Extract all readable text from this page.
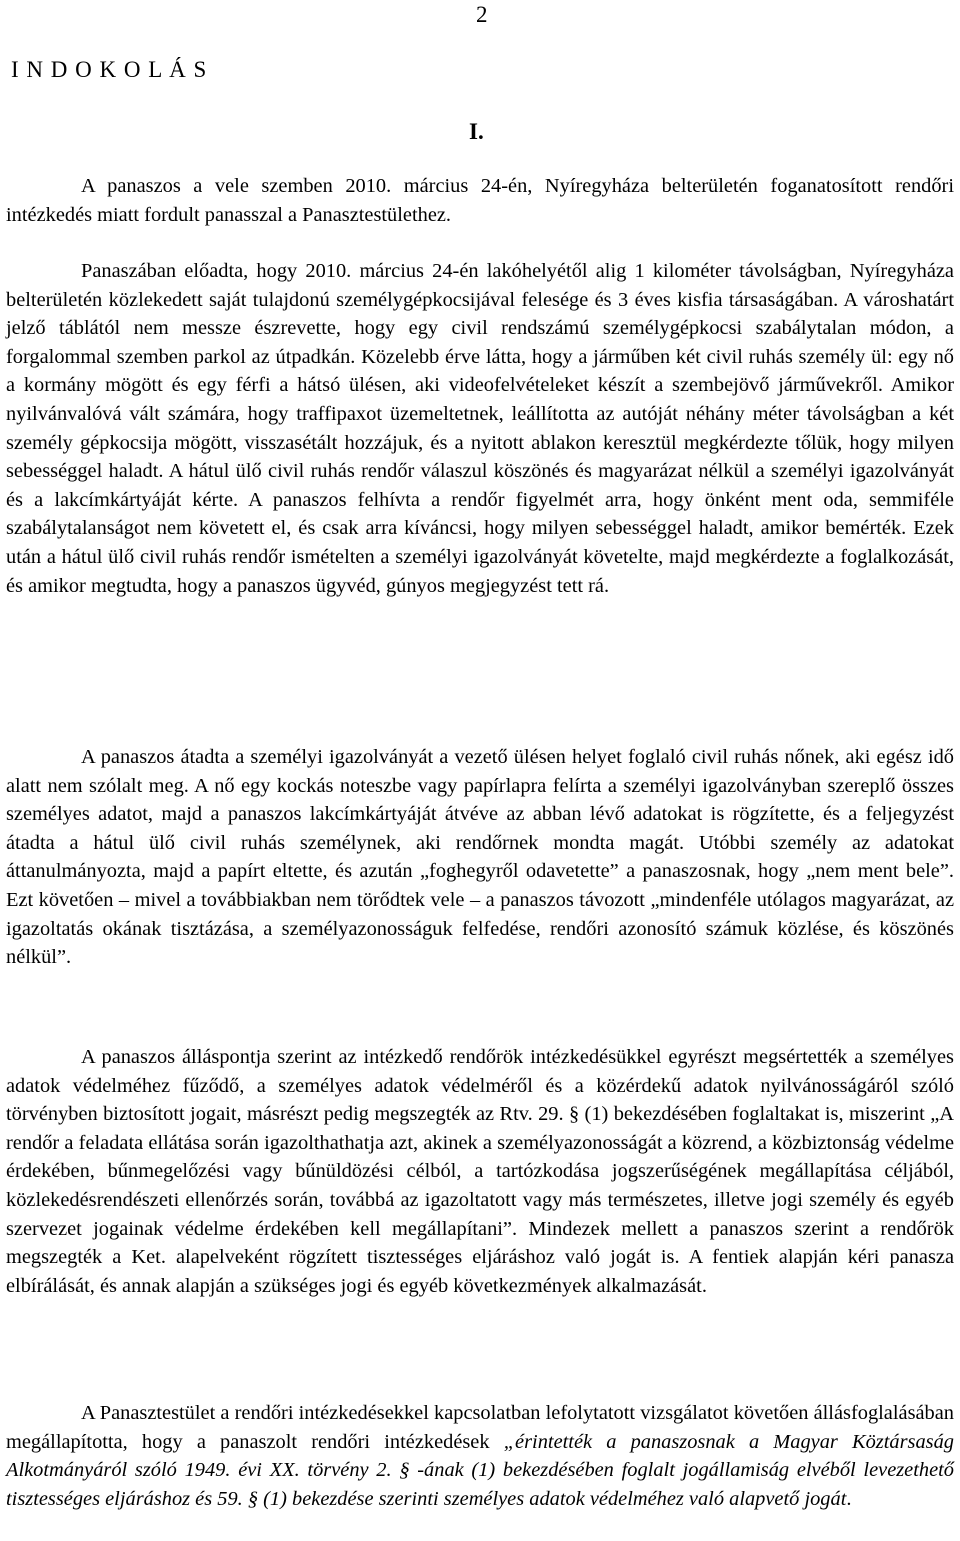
2
I N D O K O L Á S
I.

A panaszos a vele szemben 2010. március 24-én, Nyíregyháza belterületén foganatosított rendőri intézkedés miatt fordult panasszal a Panasztestülethez.

Panaszában előadta, hogy 2010. március 24-én lakóhelyétől alig 1 kilométer távolságban, Nyíregyháza belterületén közlekedett saját tulajdonú személygépkocsijával felesége és 3 éves kisfia társaságában. A városhatárt jelző táblától nem messze észrevette, hogy egy civil rendszámú személygépkocsi szabálytalan módon, a forgalommal szemben parkol az útpadkán. Közelebb érve látta, hogy a járműben két civil ruhás személy ül: egy nő a kormány mögött és egy férfi a hátsó ülésen, aki videofelvételeket készít a szembejövő járművekről. Amikor nyilvánvalóvá vált számára, hogy traffipaxot üzemeltetnek, leállította az autóját néhány méter távolságban a két személy gépkocsija mögött, visszasétált hozzájuk, és a nyitott ablakon keresztül megkérdezte tőlük, hogy milyen sebességgel haladt. A hátul ülő civil ruhás rendőr válaszul köszönés és magyarázat nélkül a személyi igazolványát és a lakcímkártyáját kérte. A panaszos felhívta a rendőr figyelmét arra, hogy önként ment oda, semmiféle szabálytalanságot nem követett el, és csak arra kíváncsi, hogy milyen sebességgel haladt, amikor bemérték. Ezek után a hátul ülő civil ruhás rendőr ismételten a személyi igazolványát követelte, majd megkérdezte a foglalkozását, és amikor megtudta, hogy a panaszos ügyvéd, gúnyos megjegyzést tett rá.

A panaszos átadta a személyi igazolványát a vezető ülésen helyet foglaló civil ruhás nőnek, aki egész idő alatt nem szólalt meg. A nő egy kockás noteszbe vagy papírlapra felírta a személyi igazolványban szereplő összes személyes adatot, majd a panaszos lakcímkártyáját átvéve az abban lévő adatokat is rögzítette, és a feljegyzést átadta a hátul ülő civil ruhás személynek, aki rendőrnek mondta magát. Utóbbi személy az adatokat áttanulmányozta, majd a papírt eltette, és azután „foghegyről odavetette” a panaszosnak, hogy „nem ment bele”. Ezt követően – mivel a továbbiakban nem törődtek vele – a panaszos távozott „mindenféle utólagos magyarázat, az igazoltatás okának tisztázása, a személyazonosságuk felfedése, rendőri azonosító számuk közlése, és köszönés nélkül”.

A panaszos álláspontja szerint az intézkedő rendőrök intézkedésükkel egyrészt megsértették a személyes adatok védelméhez fűződő, a személyes adatok védelméről és a közérdekű adatok nyilvánosságáról szóló törvényben biztosított jogait, másrészt pedig megszegték az Rtv. 29. § (1) bekezdésében foglaltakat is, miszerint „A rendőr a feladata ellátása során igazolthathatja azt, akinek a személyazonosságát a közrend, a közbiztonság védelme érdekében, bűnmegelőzési vagy bűnüldözési célból, a tartózkodása jogszerűségének megállapítása céljából, közlekedésrendészeti ellenőrzés során, továbbá az igazoltatott vagy más természetes, illetve jogi személy és egyéb szervezet jogainak védelme érdekében kell megállapítani”. Mindezek mellett a panaszos szerint a rendőrök megszegték a Ket. alapelveként rögzített tisztességes eljáráshoz való jogát is. A fentiek alapján kéri panasza elbírálását, és annak alapján a szükséges jogi és egyéb következmények alkalmazását.

A Panasztestület a rendőri intézkedésekkel kapcsolatban lefolytatott vizsgálatot követően állásfoglalásában megállapította, hogy a panaszolt rendőri intézkedések „érintették a panaszosnak a Magyar Köztársaság Alkotmányáról szóló 1949. évi XX. törvény 2. § -ának (1) bekezdésében foglalt jogállamiság elvéből levezethető tisztességes eljáráshoz és 59. § (1) bekezdése szerinti személyes adatok védelméhez való alapvető jogát.
